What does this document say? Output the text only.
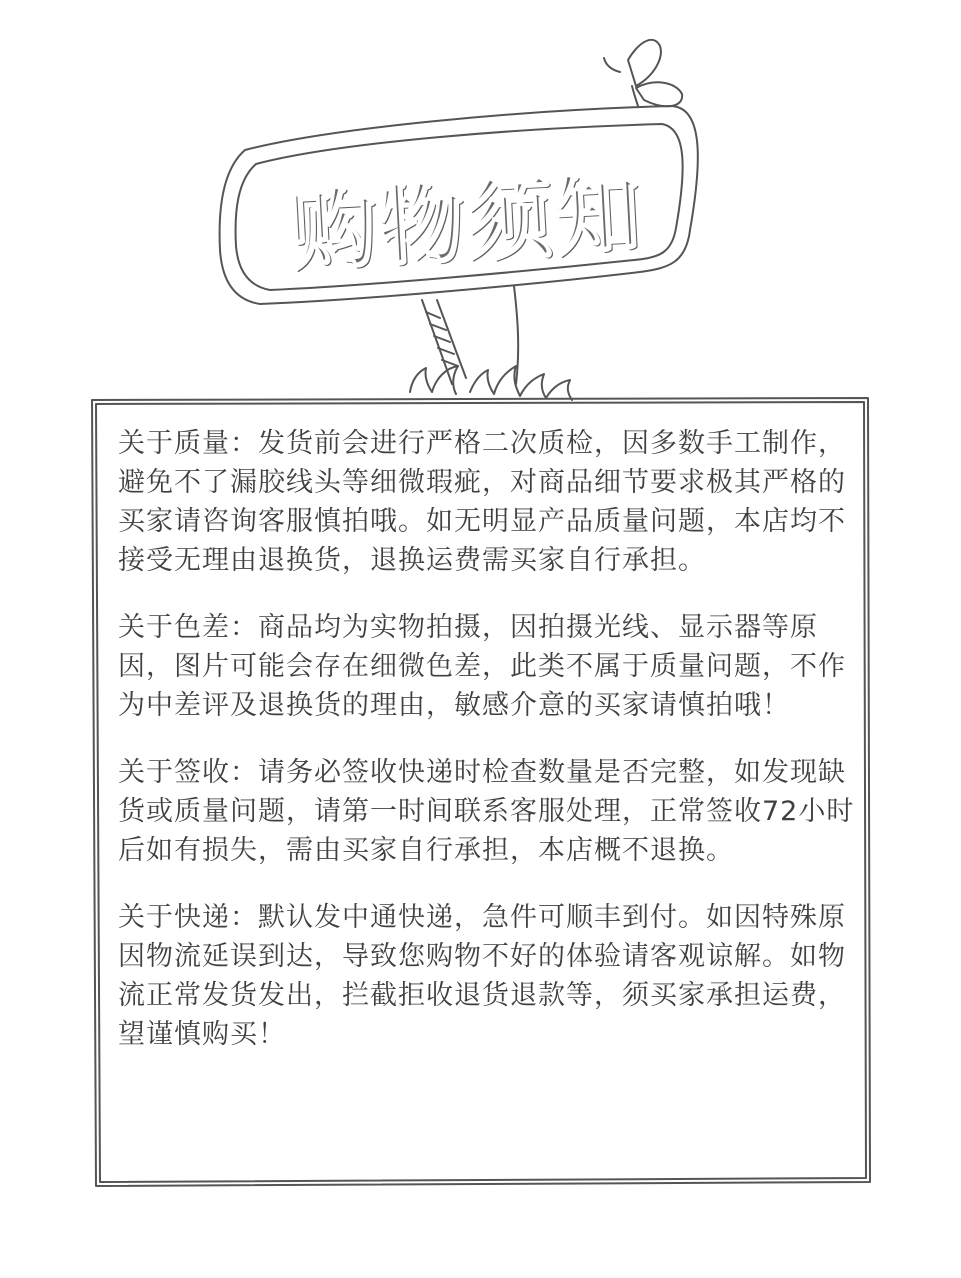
购物须知

关于质量：发货前会进行严格二次质检，因多数手工制作，避免不了漏胶线头等细微瑕疵，对商品细节要求极其严格的买家请咨询客服慎拍哦。如无明显产品质量问题，本店均不接受无理由退换货，退换运费需买家自行承担。

关于色差：商品均为实物拍摄，因拍摄光线、显示器等原因，图片可能会存在细微色差，此类不属于质量问题，不作为中差评及退换货的理由，敏感介意的买家请慎拍哦！

关于签收：请务必签收快递时检查数量是否完整，如发现缺货或质量问题，请第一时间联系客服处理，正常签收72小时后如有损失，需由买家自行承担，本店概不退换。

关于快递：默认发中通快递，急件可顺丰到付。如因特殊原因物流延误到达，导致您购物不好的体验请客观谅解。如物流正常发货发出，拦截拒收退货退款等，须买家承担运费，望谨慎购买！
